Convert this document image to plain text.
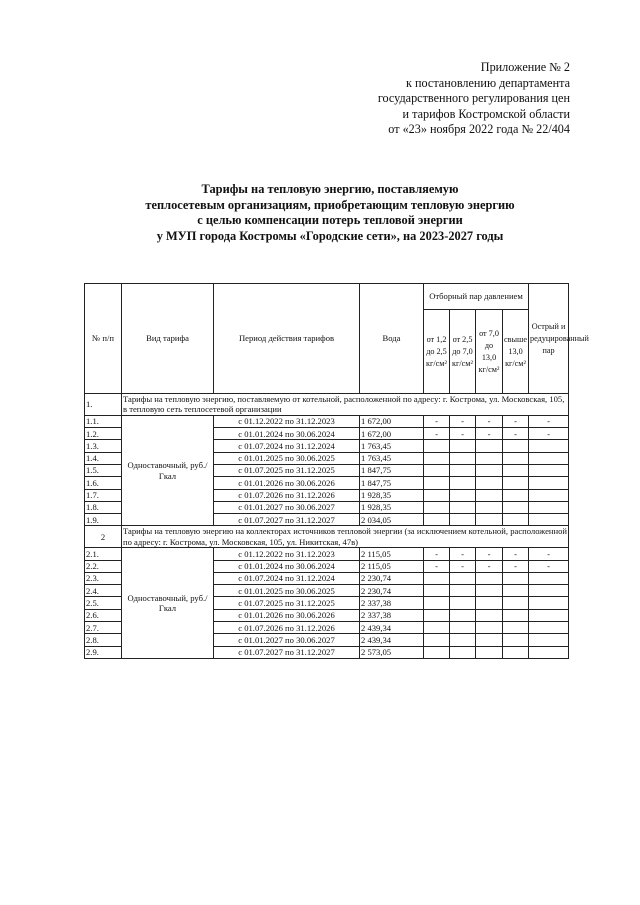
Приложение № 2
к постановлению департамента
государственного регулирования цен
и тарифов Костромской области
от «23» ноября 2022 года № 22/404
Тарифы на тепловую энергию, поставляемую
теплосетевым организациям, приобретающим тепловую энергию
с целью компенсации потерь тепловой энергии
у МУП города Костромы «Городские сети», на 2023-2027 годы
№ п/п	Вид тарифа	Период действия тарифов	Вода	Отборный пар давлением				Острый и редуцированный пар
				от 1,2 до 2,5 кг/см²	от 2,5 до 7,0 кг/см²	от 7,0 до 13,0 кг/см²	свыше 13,0 кг/см²	
1.	Тарифы на тепловую энергию, поставляемую от котельной, расположенной по адресу: г. Кострома, ул. Московская, 105, в тепловую сеть теплосетевой организации							
1.1.	Одноставочный, руб./Гкал	с 01.12.2022 по 31.12.2023	1 672,00	-	-	-	-	-
1.2.		с 01.01.2024 по 30.06.2024	1 672,00	-	-	-	-	-
1.3.		с 01.07.2024 по 31.12.2024	1 763,45					
1.4.		с 01.01.2025 по 30.06.2025	1 763,45					
1.5.		с 01.07.2025 по 31.12.2025	1 847,75					
1.6.		с 01.01.2026 по 30.06.2026	1 847,75					
1.7.		с 01.07.2026 по 31.12.2026	1 928,35					
1.8.		с 01.01.2027 по 30.06.2027	1 928,35					
1.9.		с 01.07.2027 по 31.12.2027	2 034,05					
2	Тарифы на тепловую энергию на коллекторах источников тепловой энергии (за исключением котельной, расположенной по адресу: г. Кострома, ул. Московская, 105, ул. Никитская, 47в)							
2.1.	Одноставочный, руб./Гкал	с 01.12.2022 по 31.12.2023	2 115,05	-	-	-	-	-
2.2.		с 01.01.2024 по 30.06.2024	2 115,05	-	-	-	-	-
2.3.		с 01.07.2024 по 31.12.2024	2 230,74					
2.4.		с 01.01.2025 по 30.06.2025	2 230,74					
2.5.		с 01.07.2025 по 31.12.2025	2 337,38					
2.6.		с 01.01.2026 по 30.06.2026	2 337,38					
2.7.		с 01.07.2026 по 31.12.2026	2 439,34					
2.8.		с 01.01.2027 по 30.06.2027	2 439,34					
2.9.		с 01.07.2027 по 31.12.2027	2 573,05					
